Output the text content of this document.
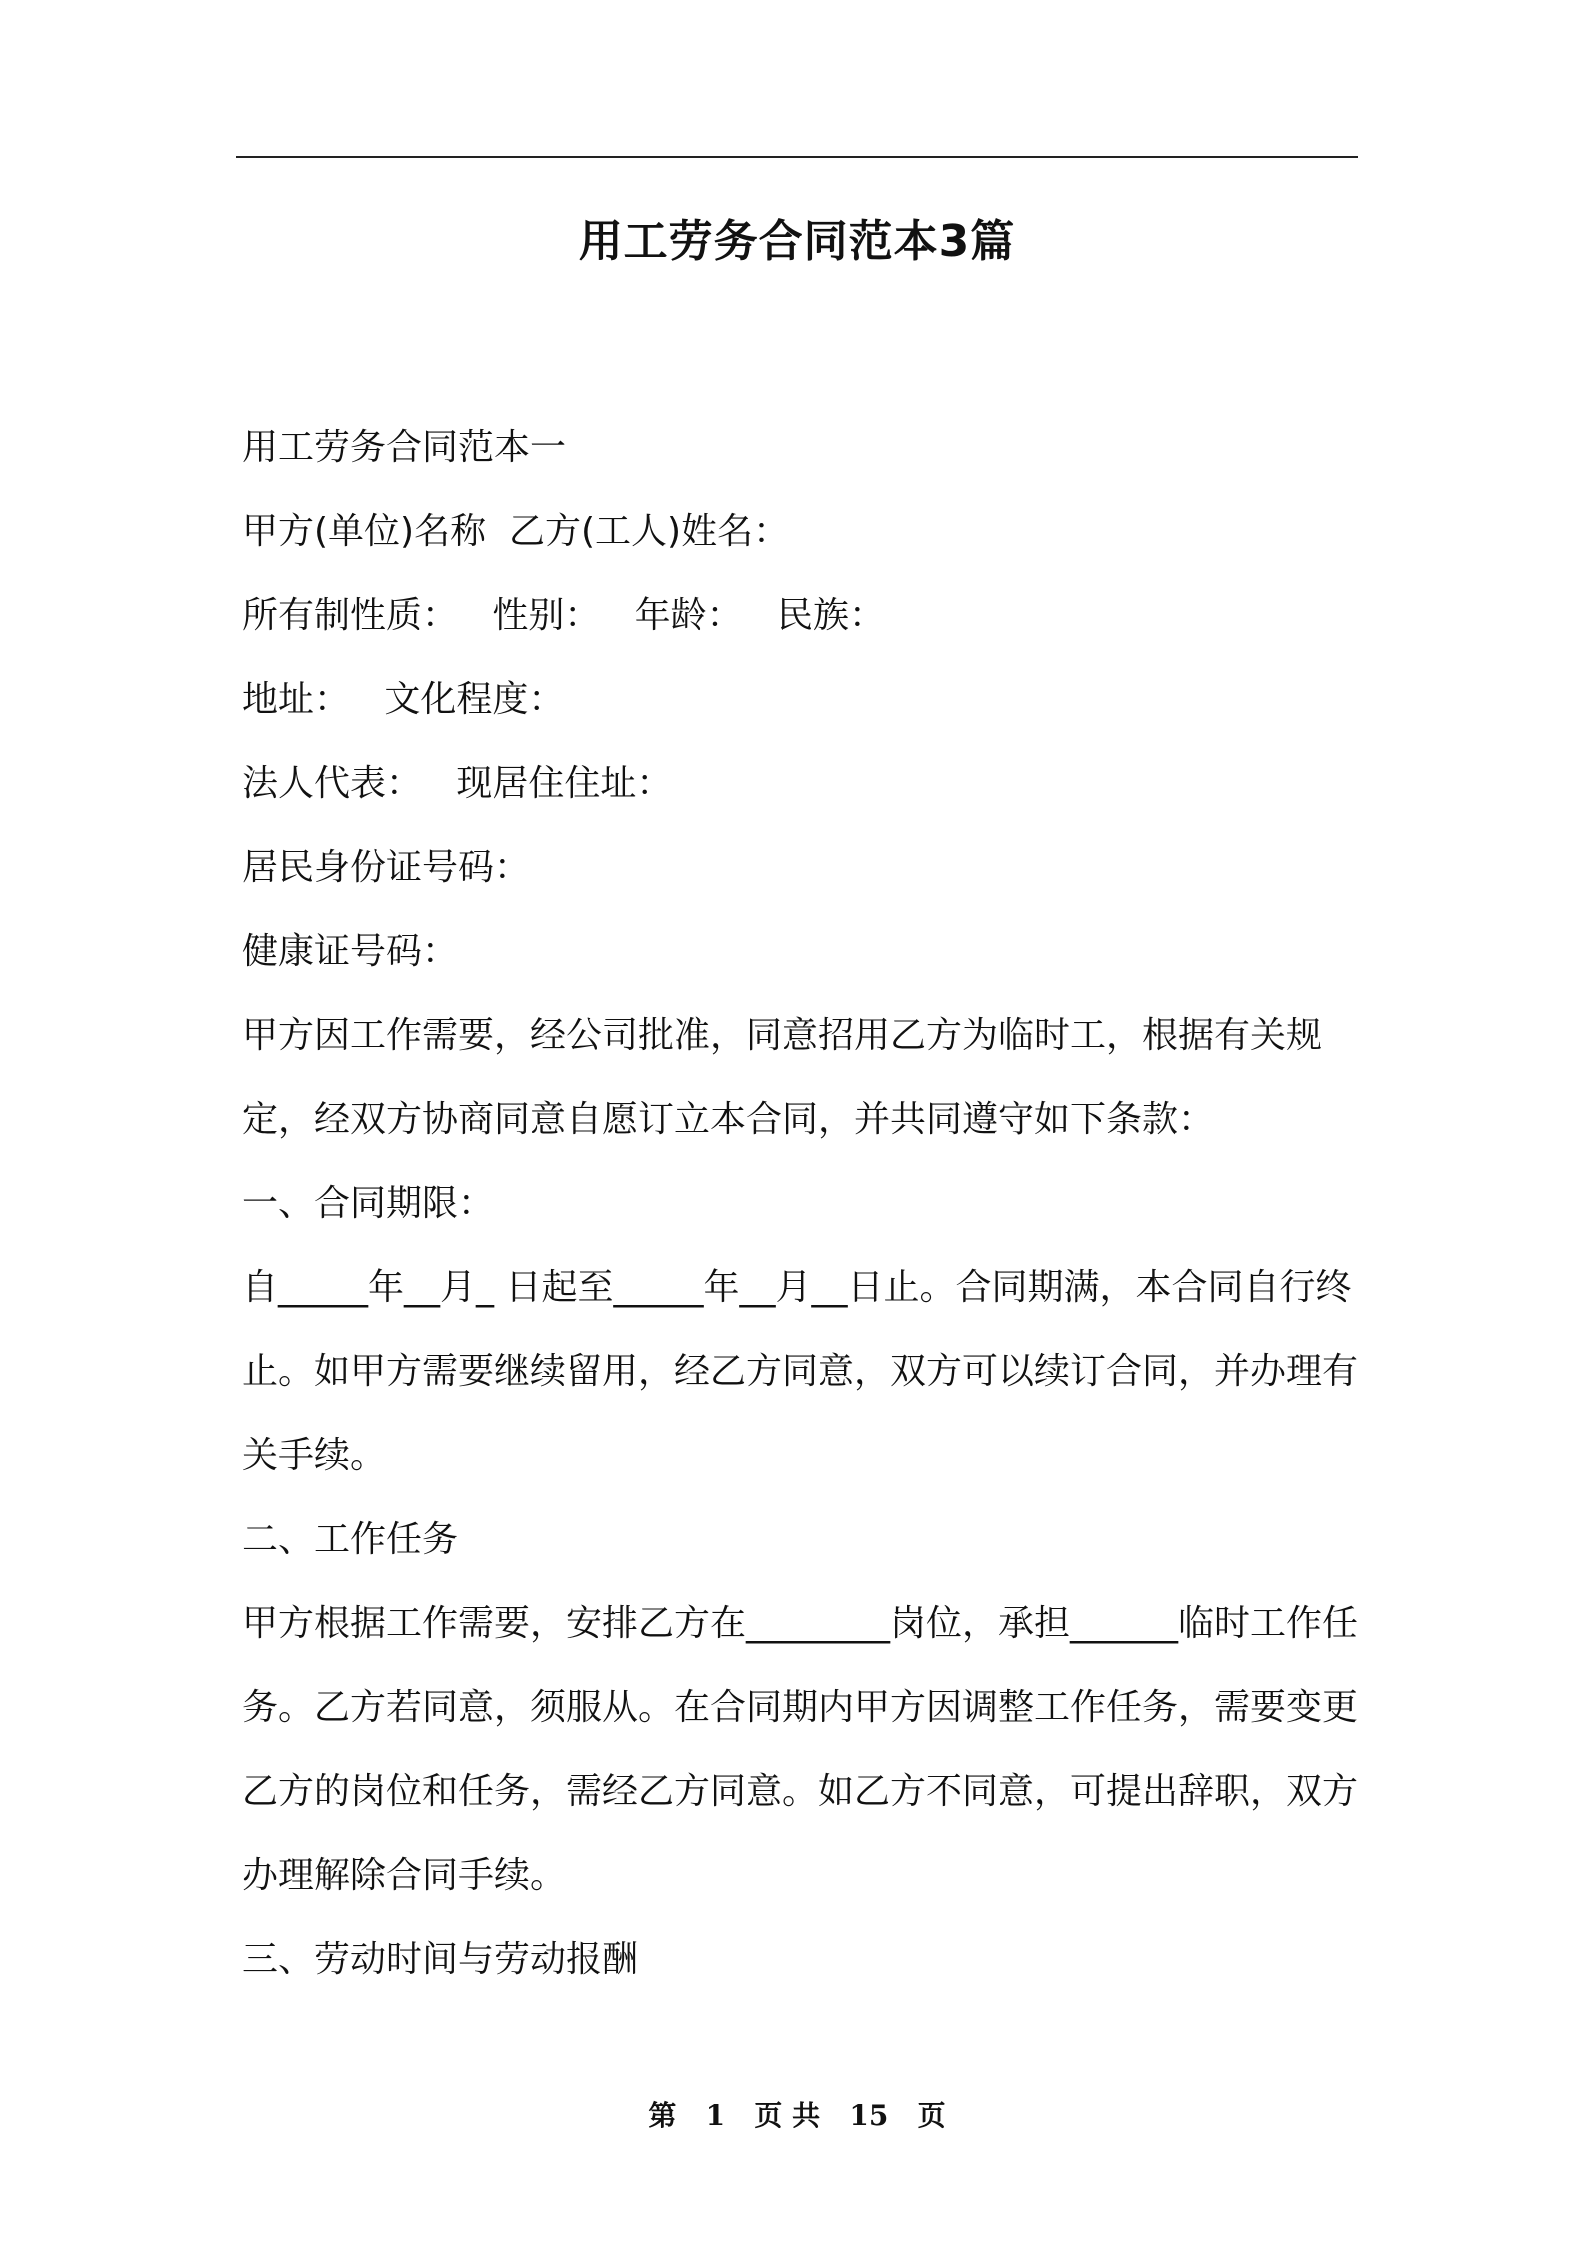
用工劳务合同范本3篇

用工劳务合同范本一

甲方(单位)名称  乙方(工人)姓名：

所有制性质：   性别：   年龄：   民族：

地址：   文化程度：

法人代表：   现居住住址：

居民身份证号码：

健康证号码：

甲方因工作需要，经公司批准，同意招用乙方为临时工，根据有关规定，经双方协商同意自愿订立本合同，并共同遵守如下条款：

一、合同期限：

自_____年__月_ 日起至_____年__月__日止。合同期满，本合同自行终止。如甲方需要继续留用，经乙方同意，双方可以续订合同，并办理有关手续。

二、工作任务

甲方根据工作需要，安排乙方在________岗位，承担______临时工作任务。乙方若同意，须服从。在合同期内甲方因调整工作任务，需要变更乙方的岗位和任务，需经乙方同意。如乙方不同意，可提出辞职，双方办理解除合同手续。

三、劳动时间与劳动报酬

第 1 页 共 15 页
